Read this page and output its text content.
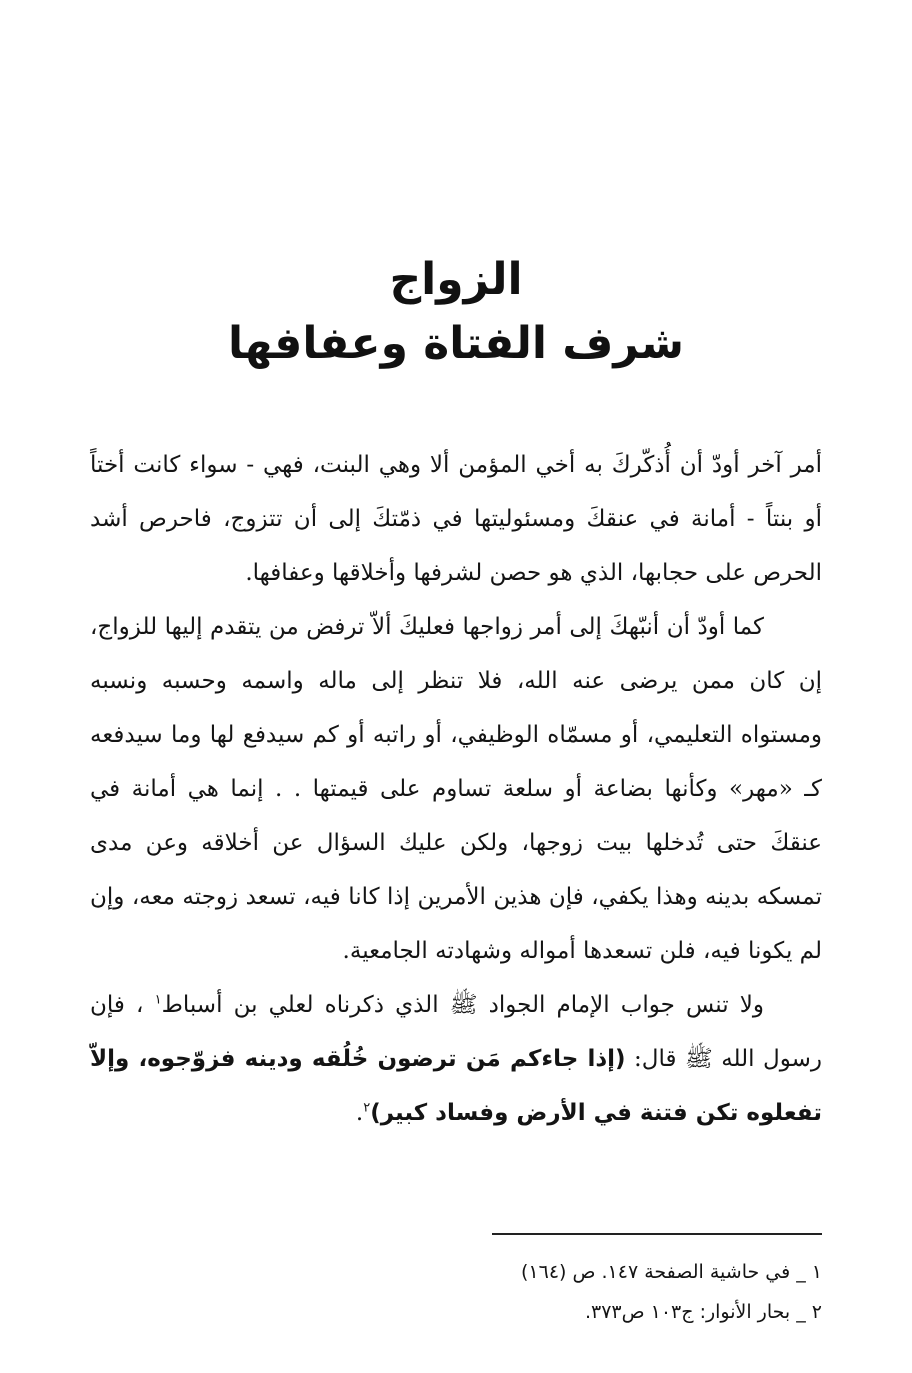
الزواج

شرف الفتاة وعفافها

أمر آخر أودّ أن أُذكّركَ به أخي المؤمن ألا وهي البنت، فهي - سواء كانت أختاً أو بنتاً - أمانة في عنقكَ ومسئوليتها في ذمّتكَ إلى أن تتزوج، فاحرص أشد الحرص على حجابها، الذي هو حصن لشرفها وأخلاقها وعفافها.

كما أودّ أن أنبّهكَ إلى أمر زواجها فعليكَ ألاّ ترفض من يتقدم إليها للزواج، إن كان ممن يرضى عنه الله، فلا تنظر إلى ماله واسمه وحسبه ونسبه ومستواه التعليمي، أو مسمّاه الوظيفي، أو راتبه أو كم سيدفع لها وما سيدفعه كـ «مهر» وكأنها بضاعة أو سلعة تساوم على قيمتها . . إنما هي أمانة في عنقكَ حتى تُدخلها بيت زوجها، ولكن عليك السؤال عن أخلاقه وعن مدى تمسكه بدينه وهذا يكفي، فإن هذين الأمرين إذا كانا فيه، تسعد زوجته معه، وإن لم يكونا فيه، فلن تسعدها أمواله وشهادته الجامعية.

ولا تنس جواب الإمام الجواد ﷺ الذي ذكرناه لعلي بن أسباط$^١$ ، فإن رسول الله ﷺ قال: (إذا جاءكم مَن ترضون خُلُقه ودينه فزوّجوه، وإلاّ تفعلوه تكن فتنة في الأرض وفساد كبير)$^٢$.

١ _ في حاشية الصفحة ١٤٧. ص (١٦٤)

٢ _ بحار الأنوار: ج١٠٣ ص٣٧٣.
